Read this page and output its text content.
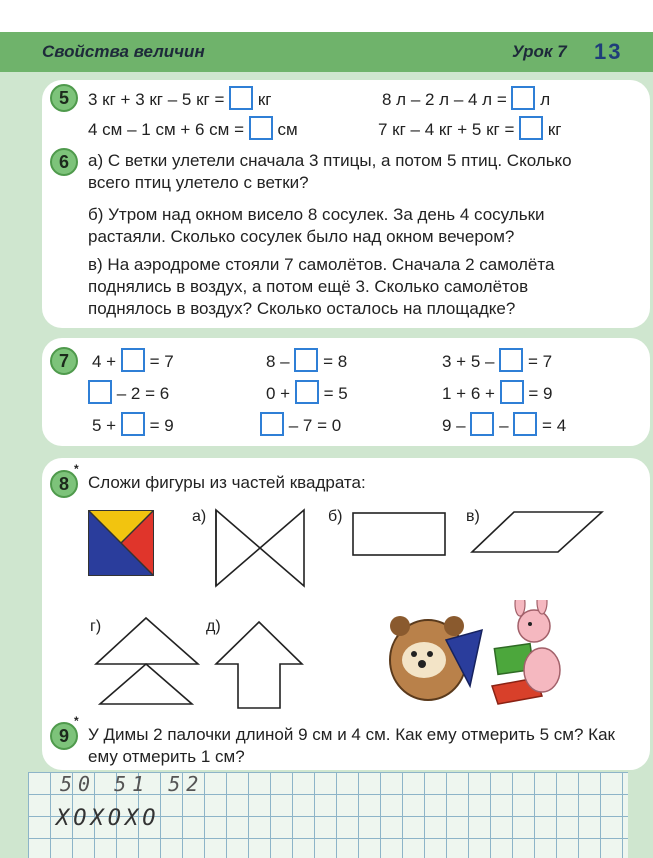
Свойства величин	Урок 7 13
5	3 кг + 3 кг – 5 кг = кг	8 л – 2 л – 4 л = л
4 см – 1 см + 6 см = см	7 кг – 4 кг + 5 кг = кг
6	а) С ветки улетели сначала 3 птицы, а потом 5 птиц. Сколько всего птиц улетело с ветки?
б) Утром над окном висело 8 сосулек. За день 4 сосульки растаяли. Сколько сосулек было над окном вечером?
в) На аэродроме стояли 7 самолётов. Сначала 2 самолёта поднялись в воздух, а потом ещё 3. Сколько самолётов поднялось в воздух? Сколько осталось на площадке?
7	4 + = 7	8 – = 8	3 + 5 – = 7
– 2 = 6	0 + = 5	1 + 6 + = 9
5 + = 9	– 7 = 0	9 – – = 4
8
*
Сложи фигуры из частей квадрата:
а)	б)	в)
г)	д)
9
*
У Димы 2 палочки длиной 9 см и 4 см. Как ему отмерить 5 см? Как ему отмерить 1 см?
50 51 52
XOXOXO
